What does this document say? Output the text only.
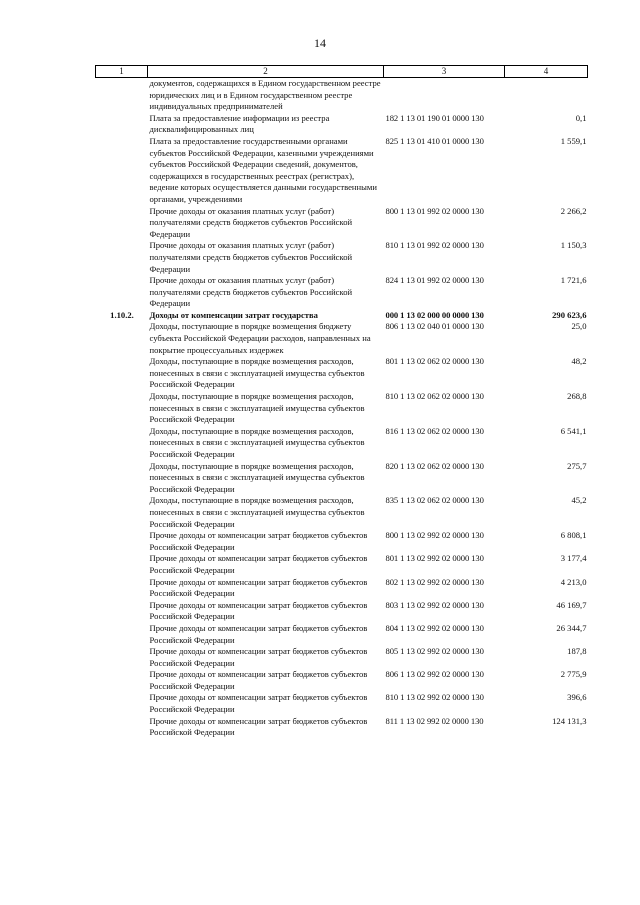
14
1	2	3	4
	документов, содержащихся в Едином государственном реестре юридических лиц и в Едином государственном реестре индивидуальных предпринимателей		
	Плата за предоставление информации из реестра дисквалифицированных лиц	182 1 13 01 190 01 0000 130	0,1
	Плата за предоставление государственными органами субъектов Российской Федерации, казенными учреждениями субъектов Российской Федерации сведений, документов, содержащихся в государственных реестрах (регистрах), ведение которых осуществляется данными государственными органами, учреждениями	825 1 13 01 410 01 0000 130	1 559,1
	Прочие доходы от оказания платных услуг (работ) получателями средств бюджетов субъектов Российской Федерации	800 1 13 01 992 02 0000 130	2 266,2
	Прочие доходы от оказания платных услуг (работ) получателями средств бюджетов субъектов Российской Федерации	810 1 13 01 992 02 0000 130	1 150,3
	Прочие доходы от оказания платных услуг (работ) получателями средств бюджетов субъектов Российской Федерации	824 1 13 01 992 02 0000 130	1 721,6
1.10.2.	Доходы от компенсации затрат государства	000 1 13 02 000 00 0000 130	290 623,6
	Доходы, поступающие в порядке возмещения бюджету субъекта Российской Федерации расходов, направленных на покрытие процессуальных издержек	806 1 13 02 040 01 0000 130	25,0
	Доходы, поступающие в порядке возмещения расходов, понесенных в связи с эксплуатацией имущества субъектов Российской Федерации	801 1 13 02 062 02 0000 130	48,2
	Доходы, поступающие в порядке возмещения расходов, понесенных в связи с эксплуатацией имущества субъектов Российской Федерации	810 1 13 02 062 02 0000 130	268,8
	Доходы, поступающие в порядке возмещения расходов, понесенных в связи с эксплуатацией имущества субъектов Российской Федерации	816 1 13 02 062 02 0000 130	6 541,1
	Доходы, поступающие в порядке возмещения расходов, понесенных в связи с эксплуатацией имущества субъектов Российской Федерации	820 1 13 02 062 02 0000 130	275,7
	Доходы, поступающие в порядке возмещения расходов, понесенных в связи с эксплуатацией имущества субъектов Российской Федерации	835 1 13 02 062 02 0000 130	45,2
	Прочие доходы от компенсации затрат бюджетов субъектов Российской Федерации	800 1 13 02 992 02 0000 130	6 808,1
	Прочие доходы от компенсации затрат бюджетов субъектов Российской Федерации	801 1 13 02 992 02 0000 130	3 177,4
	Прочие доходы от компенсации затрат бюджетов субъектов Российской Федерации	802 1 13 02 992 02 0000 130	4 213,0
	Прочие доходы от компенсации затрат бюджетов субъектов Российской Федерации	803 1 13 02 992 02 0000 130	46 169,7
	Прочие доходы от компенсации затрат бюджетов субъектов Российской Федерации	804 1 13 02 992 02 0000 130	26 344,7
	Прочие доходы от компенсации затрат бюджетов субъектов Российской Федерации	805 1 13 02 992 02 0000 130	187,8
	Прочие доходы от компенсации затрат бюджетов субъектов Российской Федерации	806 1 13 02 992 02 0000 130	2 775,9
	Прочие доходы от компенсации затрат бюджетов субъектов Российской Федерации	810 1 13 02 992 02 0000 130	396,6
	Прочие доходы от компенсации затрат бюджетов субъектов Российской Федерации	811 1 13 02 992 02 0000 130	124 131,3
